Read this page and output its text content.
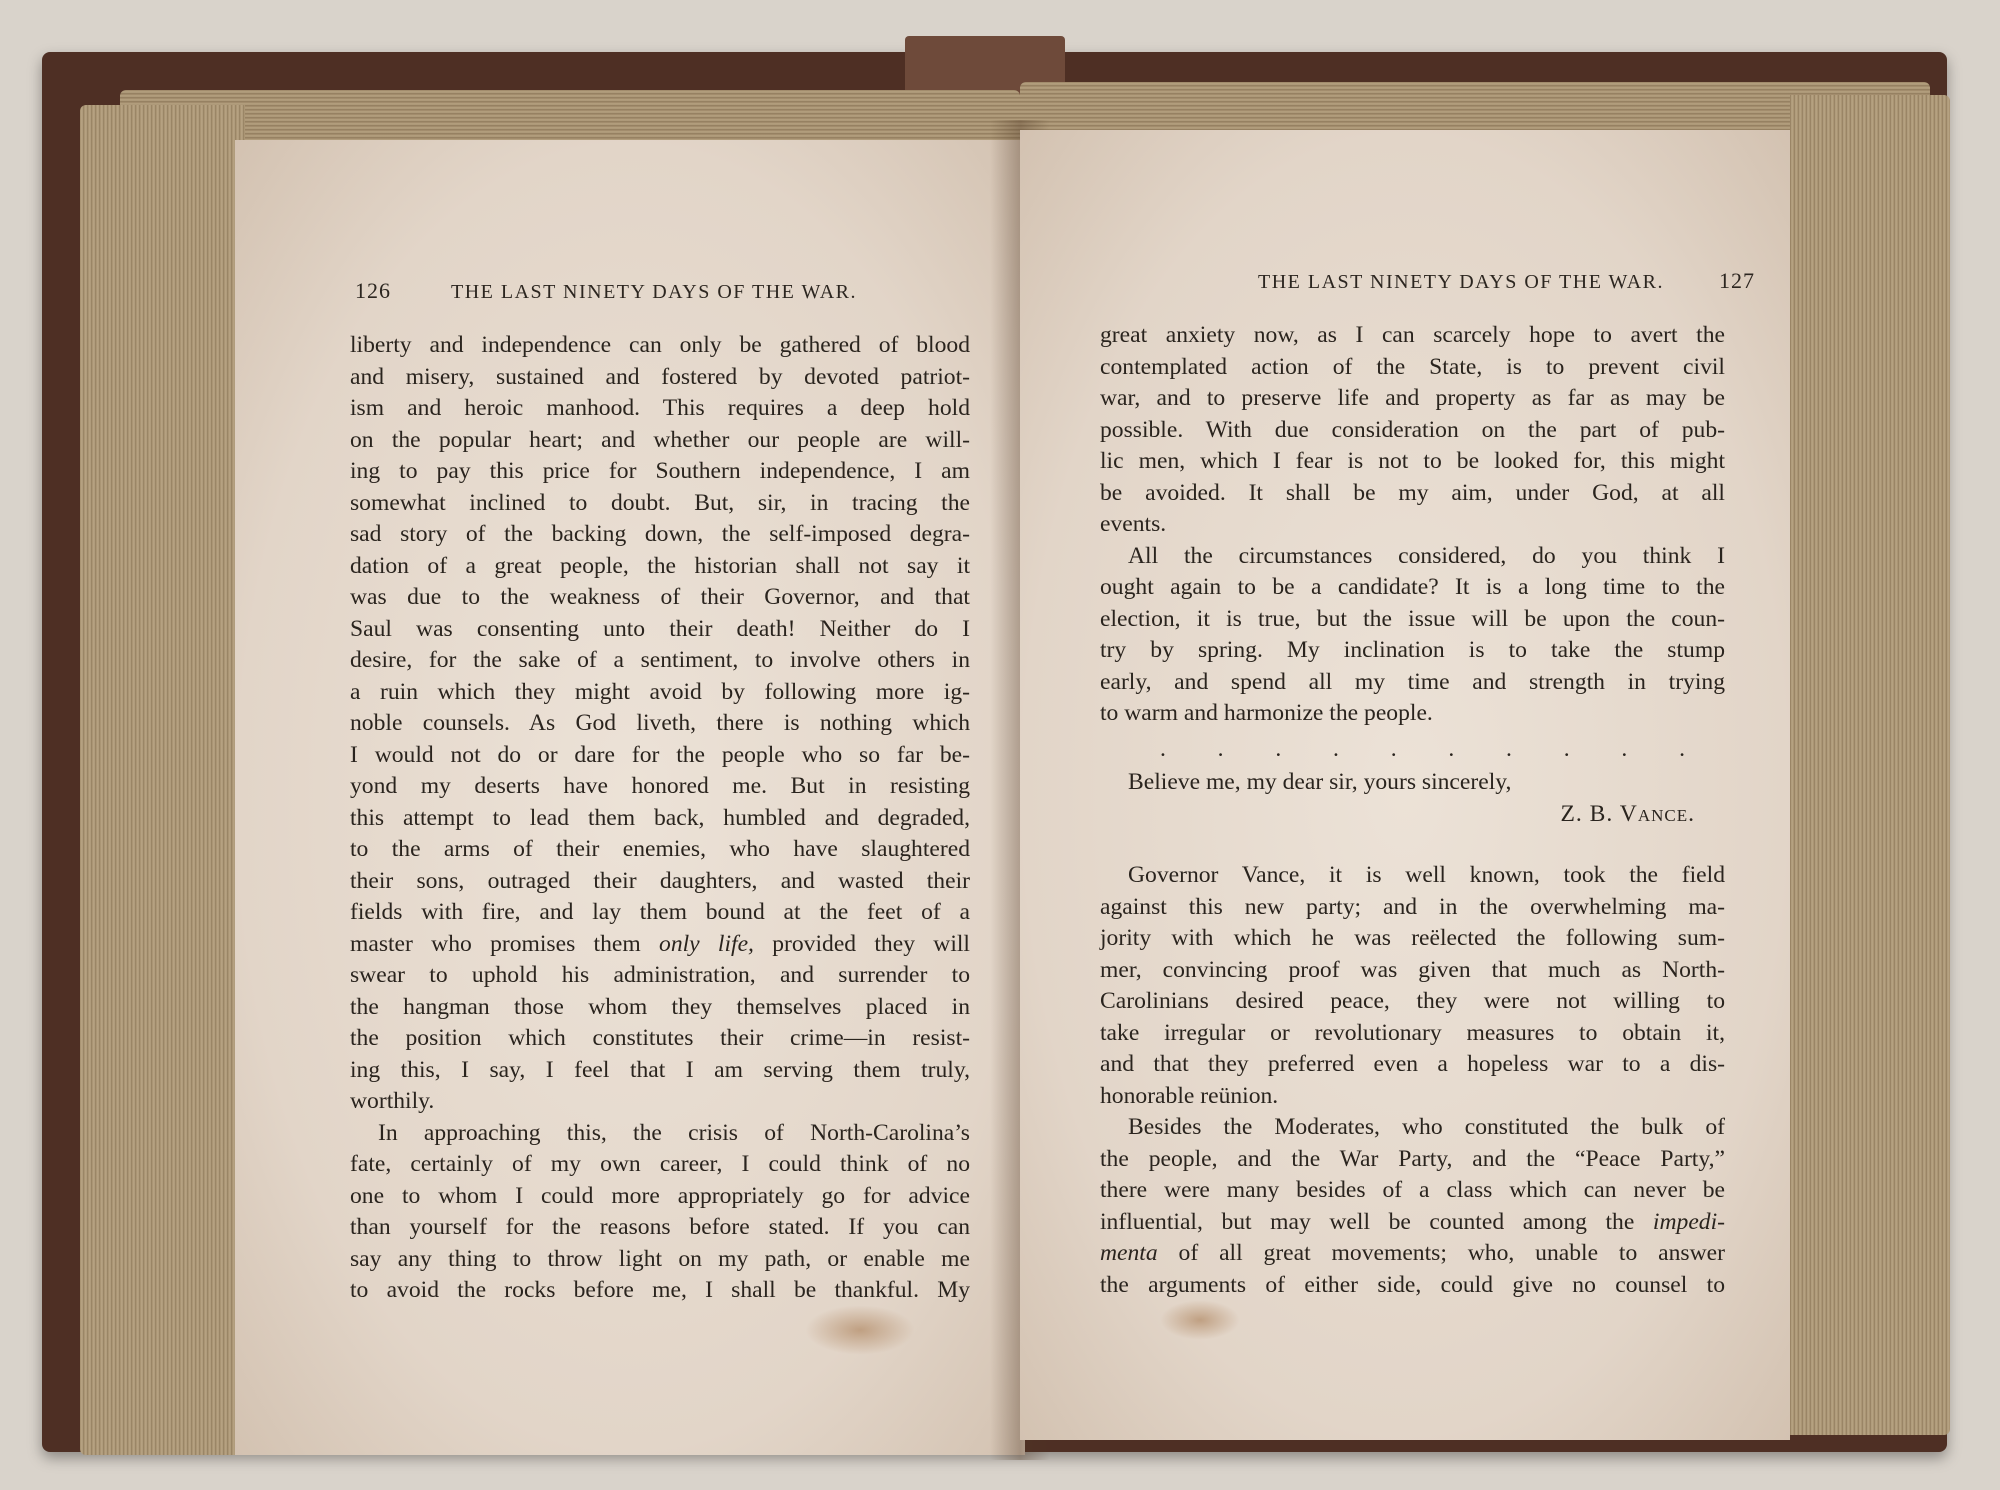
126	THE LAST NINETY DAYS OF THE WAR.
liberty and independence can only be gathered of blood
and misery, sustained and fostered by devoted patriot-
ism and heroic manhood. This requires a deep hold
on the popular heart; and whether our people are will-
ing to pay this price for Southern independence, I am
somewhat inclined to doubt. But, sir, in tracing the
sad story of the backing down, the self-imposed degra-
dation of a great people, the historian shall not say it
was due to the weakness of their Governor, and that
Saul was consenting unto their death! Neither do I
desire, for the sake of a sentiment, to involve others in
a ruin which they might avoid by following more ig-
noble counsels. As God liveth, there is nothing which
I would not do or dare for the people who so far be-
yond my deserts have honored me. But in resisting
this attempt to lead them back, humbled and degraded,
to the arms of their enemies, who have slaughtered
their sons, outraged their daughters, and wasted their
fields with fire, and lay them bound at the feet of a
master who promises them only life, provided they will
swear to uphold his administration, and surrender to
the hangman those whom they themselves placed in
the position which constitutes their crime—in resist-
ing this, I say, I feel that I am serving them truly,
worthily.
In approaching this, the crisis of North-Carolina’s
fate, certainly of my own career, I could think of no
one to whom I could more appropriately go for advice
than yourself for the reasons before stated. If you can
say any thing to throw light on my path, or enable me
to avoid the rocks before me, I shall be thankful. My
THE LAST NINETY DAYS OF THE WAR.	127
great anxiety now, as I can scarcely hope to avert the
contemplated action of the State, is to prevent civil
war, and to preserve life and property as far as may be
possible. With due consideration on the part of pub-
lic men, which I fear is not to be looked for, this might
be avoided. It shall be my aim, under God, at all
events.
All the circumstances considered, do you think I
ought again to be a candidate? It is a long time to the
election, it is true, but the issue will be upon the coun-
try by spring. My inclination is to take the stump
early, and spend all my time and strength in trying
to warm and harmonize the people.
. . . . . . . . . .
Believe me, my dear sir, yours sincerely,
Z. B. Vance.
Governor Vance, it is well known, took the field
against this new party; and in the overwhelming ma-
jority with which he was reëlected the following sum-
mer, convincing proof was given that much as North-
Carolinians desired peace, they were not willing to
take irregular or revolutionary measures to obtain it,
and that they preferred even a hopeless war to a dis-
honorable reünion.
Besides the Moderates, who constituted the bulk of
the people, and the War Party, and the “Peace Party,”
there were many besides of a class which can never be
influential, but may well be counted among the impedi-
menta of all great movements; who, unable to answer
the arguments of either side, could give no counsel to
